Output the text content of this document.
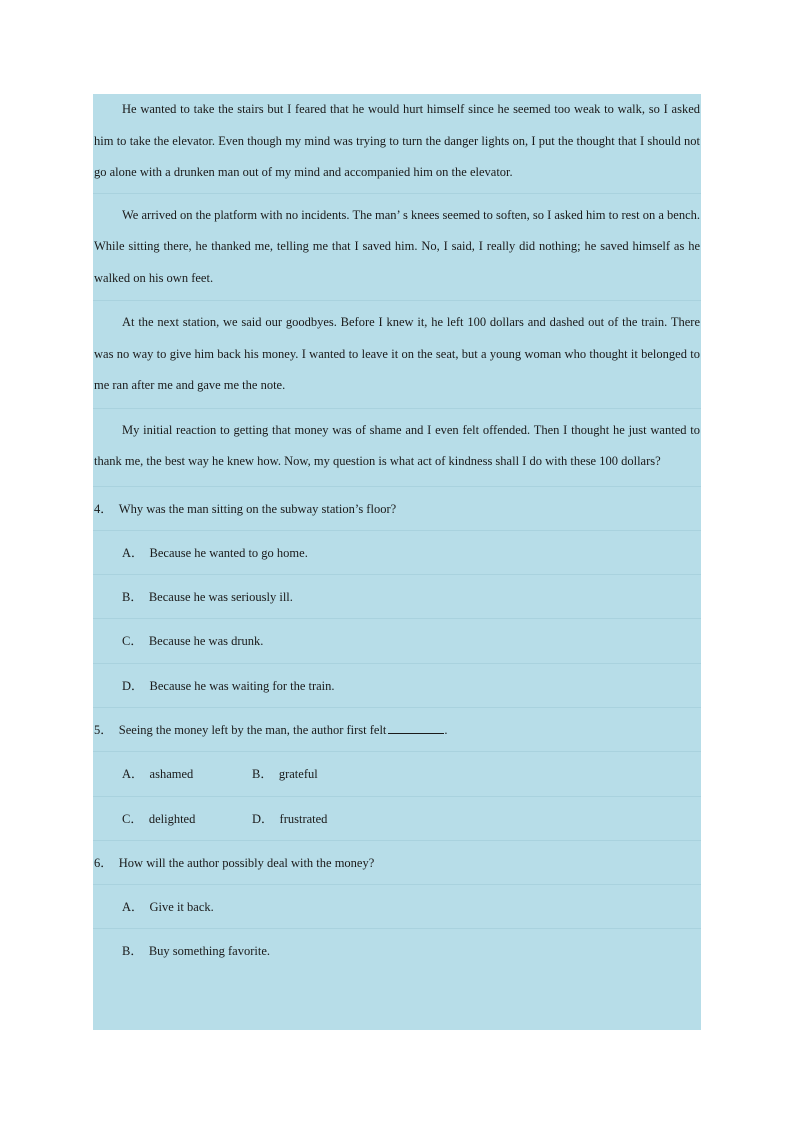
He wanted to take the stairs but I feared that he would hurt himself since he seemed too weak to walk, so I asked him to take the elevator. Even though my mind was trying to turn the danger lights on, I put the thought that I should not go alone with a drunken man out of my mind and accompanied him on the elevator.

We arrived on the platform with no incidents. The man’ s knees seemed to soften, so I asked him to rest on a bench. While sitting there, he thanked me, telling me that I saved him. No, I said, I really did nothing; he saved himself as he walked on his own feet.

At the next station, we said our goodbyes. Before I knew it, he left 100 dollars and dashed out of the train. There was no way to give him back his money. I wanted to leave it on the seat, but a young woman who thought it belonged to me ran after me and gave me the note.

My initial reaction to getting that money was of shame and I even felt offended. Then I thought he just wanted to thank me, the best way he knew how. Now, my question is what act of kindness shall I do with these 100 dollars?

4． Why was the man sitting on the subway station’s floor?
A． Because he wanted to go home.
B． Because he was seriously ill.
C． Because he was drunk.
D． Because he was waiting for the train.
5． Seeing the money left by the man, the author first felt	.
A． ashamed	B． grateful
C． delighted	D． frustrated
6． How will the author possibly deal with the money?
A． Give it back.
B． Buy something favorite.
